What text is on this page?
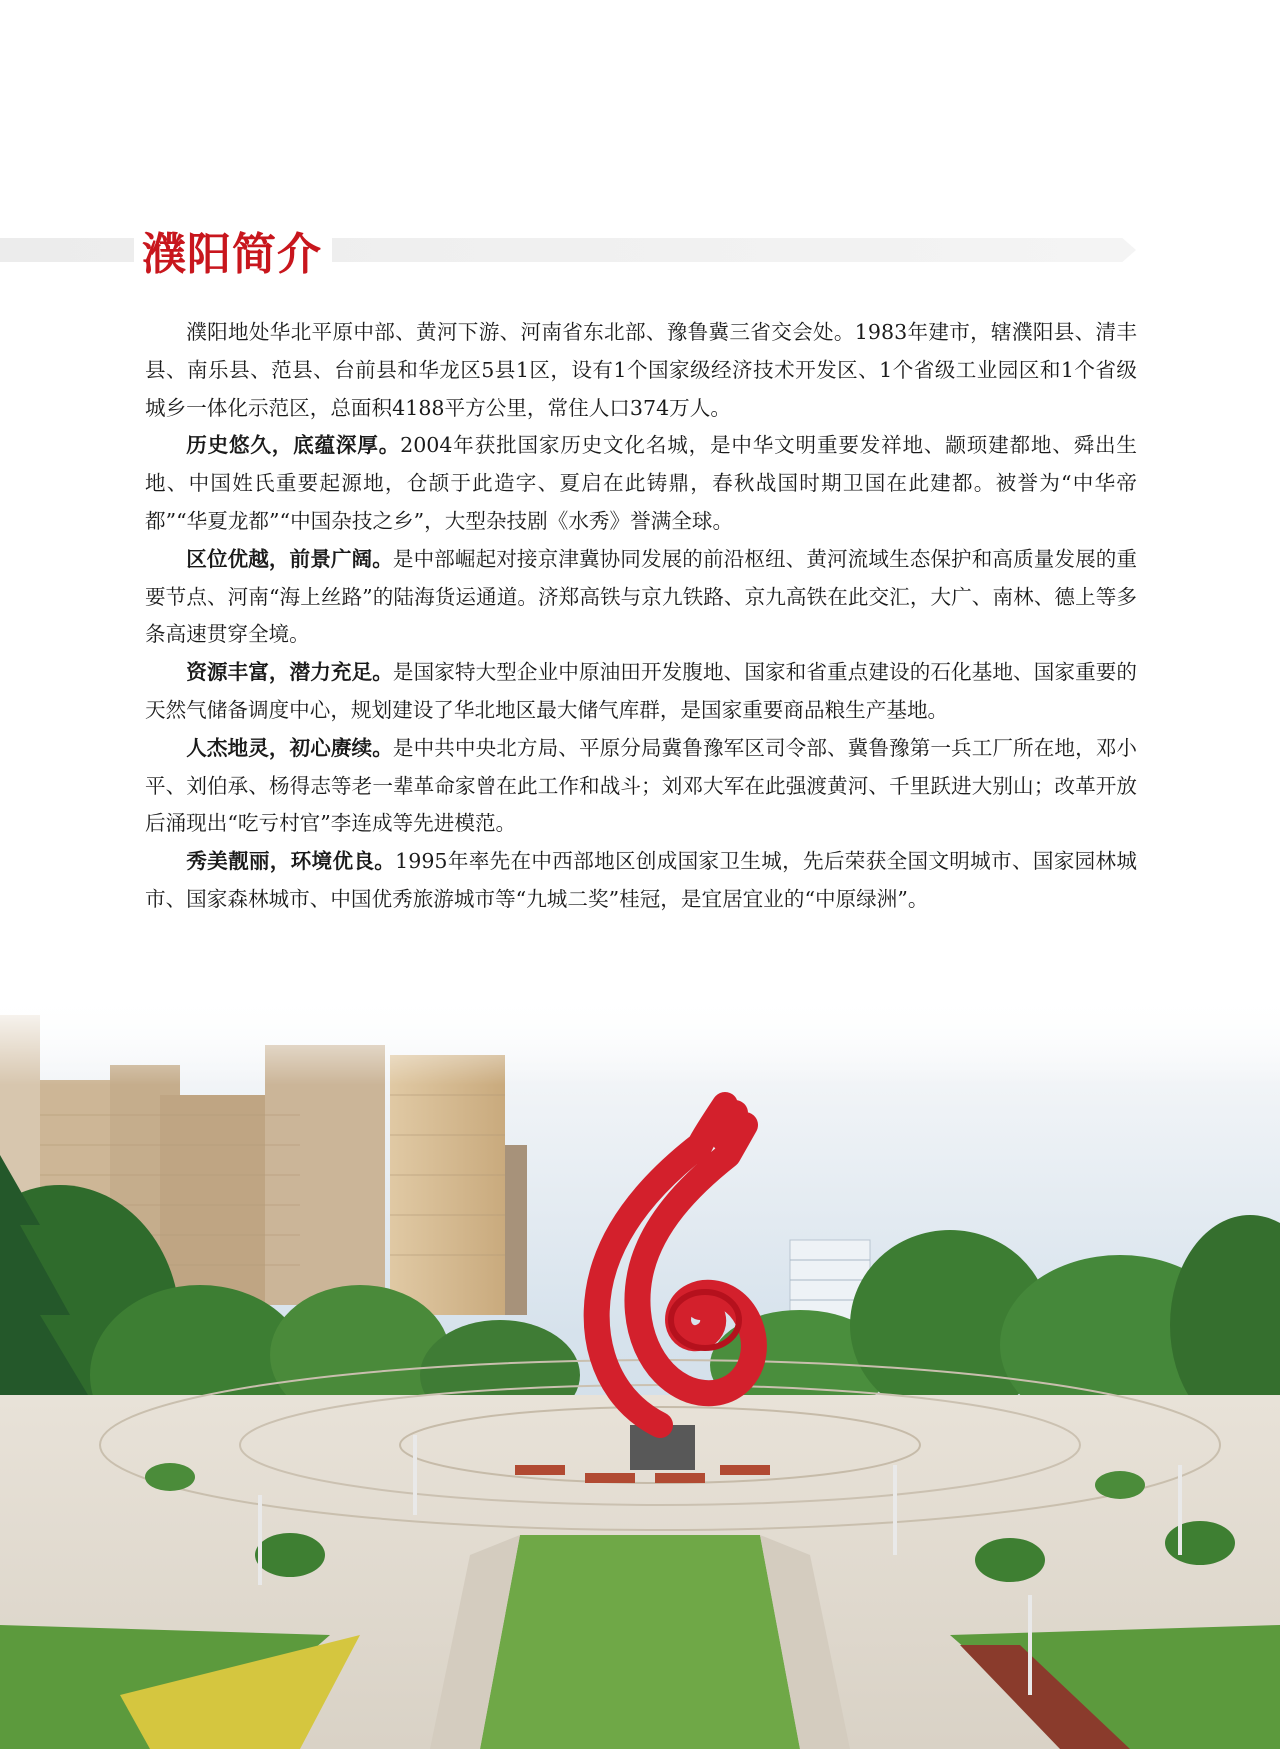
濮阳简介

濮阳地处华北平原中部、黄河下游、河南省东北部、豫鲁冀三省交会处。1983年建市，辖濮阳县、清丰县、南乐县、范县、台前县和华龙区5县1区，设有1个国家级经济技术开发区、1个省级工业园区和1个省级城乡一体化示范区，总面积4188平方公里，常住人口374万人。

历史悠久，底蕴深厚。2004年获批国家历史文化名城，是中华文明重要发祥地、颛顼建都地、舜出生地、中国姓氏重要起源地，仓颉于此造字、夏启在此铸鼎，春秋战国时期卫国在此建都。被誉为“中华帝都”“华夏龙都”“中国杂技之乡”，大型杂技剧《水秀》誉满全球。

区位优越，前景广阔。是中部崛起对接京津冀协同发展的前沿枢纽、黄河流域生态保护和高质量发展的重要节点、河南“海上丝路”的陆海货运通道。济郑高铁与京九铁路、京九高铁在此交汇，大广、南林、德上等多条高速贯穿全境。

资源丰富，潜力充足。是国家特大型企业中原油田开发腹地、国家和省重点建设的石化基地、国家重要的天然气储备调度中心，规划建设了华北地区最大储气库群，是国家重要商品粮生产基地。

人杰地灵，初心赓续。是中共中央北方局、平原分局冀鲁豫军区司令部、冀鲁豫第一兵工厂所在地，邓小平、刘伯承、杨得志等老一辈革命家曾在此工作和战斗；刘邓大军在此强渡黄河、千里跃进大别山；改革开放后涌现出“吃亏村官”李连成等先进模范。

秀美靓丽，环境优良。1995年率先在中西部地区创成国家卫生城，先后荣获全国文明城市、国家园林城市、国家森林城市、中国优秀旅游城市等“九城二奖”桂冠，是宜居宜业的“中原绿洲”。
